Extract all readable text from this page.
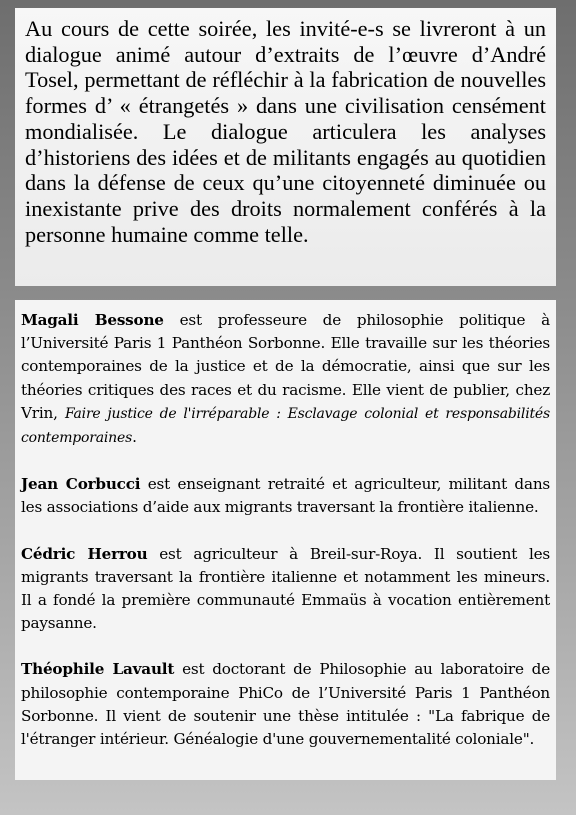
Au cours de cette soirée, les invité-e-s se livreront à un dialogue animé autour d’extraits de l’œuvre d’André Tosel, permettant de réfléchir à la fabrication de nouvelles formes d’ « étrangetés » dans une civilisation censément mondialisée. Le dialogue articulera les analyses d’historiens des idées et de militants engagés au quotidien dans la défense de ceux qu’une citoyenneté diminuée ou inexistante prive des droits normalement conférés à la personne humaine comme telle.

Magali Bessone est professeure de philosophie politique à l’Université Paris 1 Panthéon Sorbonne. Elle travaille sur les théories contemporaines de la justice et de la démocratie, ainsi que sur les théories critiques des races et du racisme. Elle vient de publier, chez Vrin, Faire justice de l'irréparable : Esclavage colonial et responsabilités contemporaines.

Jean Corbucci est enseignant retraité et agriculteur, militant dans les associations d’aide aux migrants traversant la frontière italienne.

Cédric Herrou est agriculteur à Breil-sur-Roya. Il soutient les migrants traversant la frontière italienne et notamment les mineurs. Il a fondé la première communauté Emmaüs à vocation entièrement paysanne.

Théophile Lavault est doctorant de Philosophie au laboratoire de philosophie contemporaine PhiCo de l’Université Paris 1 Panthéon Sorbonne. Il vient de soutenir une thèse intitulée : "La fabrique de l'étranger intérieur. Généalogie d'une gouvernementalité coloniale".
